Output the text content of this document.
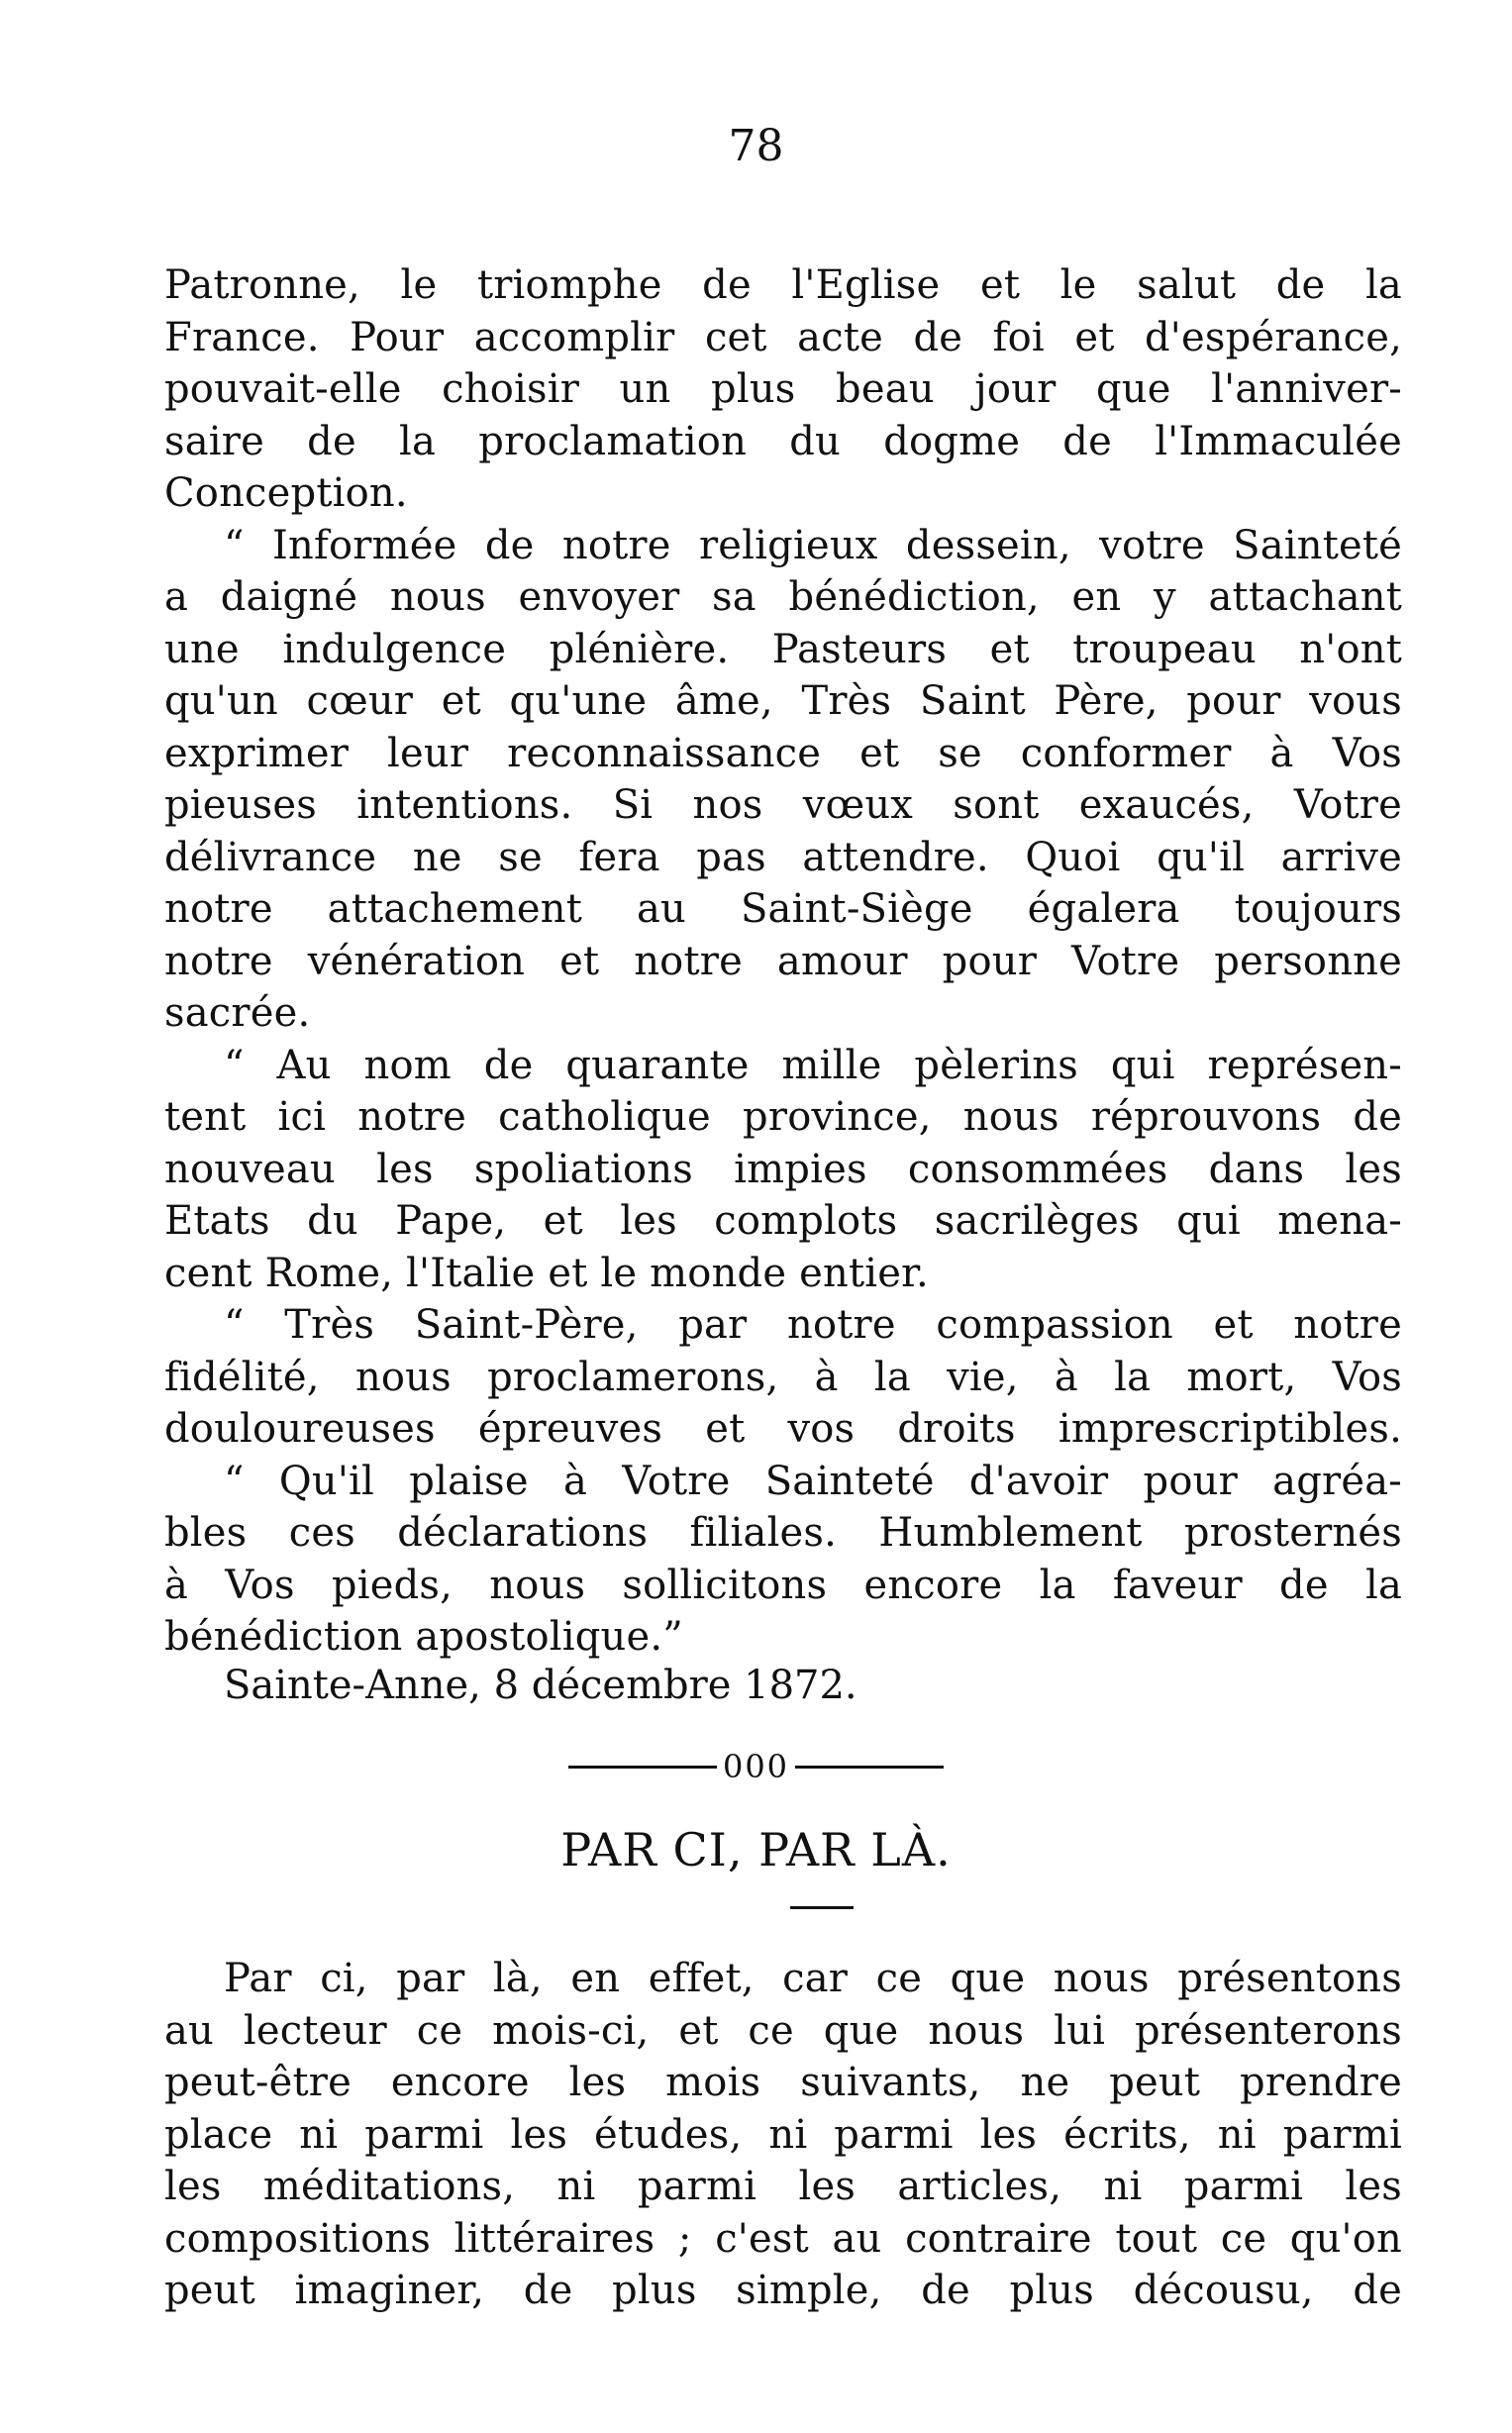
78
Patronne, le triomphe de l'Eglise et le salut de la
France. Pour accomplir cet acte de foi et d'espérance,
pouvait-elle choisir un plus beau jour que l'anniver-
saire de la proclamation du dogme de l'Immaculée
Conception.
“ Informée de notre religieux dessein, votre Sainteté
a daigné nous envoyer sa bénédiction, en y attachant
une indulgence plénière. Pasteurs et troupeau n'ont
qu'un cœur et qu'une âme, Très Saint Père, pour vous
exprimer leur reconnaissance et se conformer à Vos
pieuses intentions. Si nos vœux sont exaucés, Votre
délivrance ne se fera pas attendre. Quoi qu'il arrive
notre attachement au Saint-Siège égalera toujours
notre vénération et notre amour pour Votre personne
sacrée.
“ Au nom de quarante mille pèlerins qui représen-
tent ici notre catholique province, nous réprouvons de
nouveau les spoliations impies consommées dans les
Etats du Pape, et les complots sacrilèges qui mena-
cent Rome, l'Italie et le monde entier.
“ Très Saint-Père, par notre compassion et notre
fidélité, nous proclamerons, à la vie, à la mort, Vos
douloureuses épreuves et vos droits imprescriptibles.
“ Qu'il plaise à Votre Sainteté d'avoir pour agréa-
bles ces déclarations filiales. Humblement prosternés
à Vos pieds, nous sollicitons encore la faveur de la
bénédiction apostolique.”
Sainte-Anne, 8 décembre 1872.
000
PAR CI, PAR LÀ.
Par ci, par là, en effet, car ce que nous présentons
au lecteur ce mois-ci, et ce que nous lui présenterons
peut-être encore les mois suivants, ne peut prendre
place ni parmi les études, ni parmi les écrits, ni parmi
les méditations, ni parmi les articles, ni parmi les
compositions littéraires ; c'est au contraire tout ce qu'on
peut imaginer, de plus simple, de plus décousu, de
